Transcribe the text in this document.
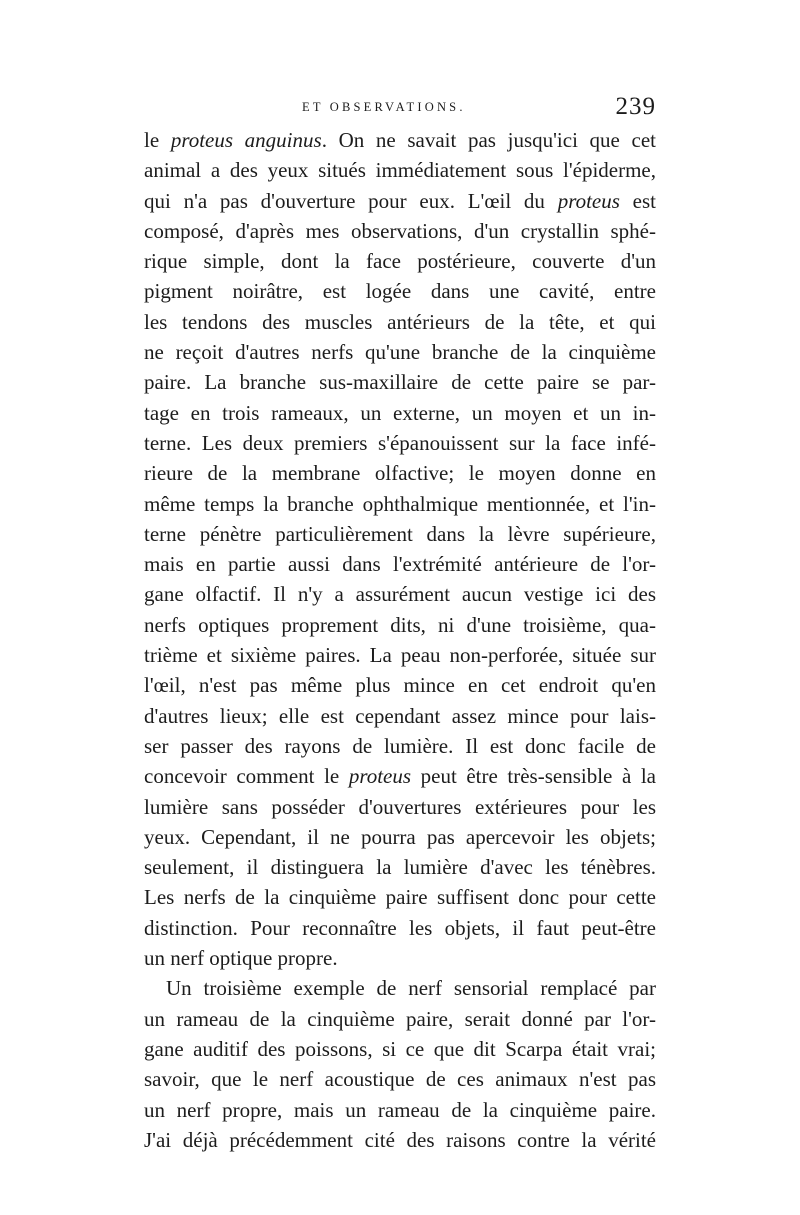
ET OBSERVATIONS.	239
le proteus anguinus. On ne savait pas jusqu'ici que cet
animal a des yeux situés immédiatement sous l'épiderme,
qui n'a pas d'ouverture pour eux. L'œil du proteus est
composé, d'après mes observations, d'un crystallin sphé-
rique simple, dont la face postérieure, couverte d'un
pigment noirâtre, est logée dans une cavité, entre
les tendons des muscles antérieurs de la tête, et qui
ne reçoit d'autres nerfs qu'une branche de la cinquième
paire. La branche sus-maxillaire de cette paire se par-
tage en trois rameaux, un externe, un moyen et un in-
terne. Les deux premiers s'épanouissent sur la face infé-
rieure de la membrane olfactive; le moyen donne en
même temps la branche ophthalmique mentionnée, et l'in-
terne pénètre particulièrement dans la lèvre supérieure,
mais en partie aussi dans l'extrémité antérieure de l'or-
gane olfactif. Il n'y a assurément aucun vestige ici des
nerfs optiques proprement dits, ni d'une troisième, qua-
trième et sixième paires. La peau non-perforée, située sur
l'œil, n'est pas même plus mince en cet endroit qu'en
d'autres lieux; elle est cependant assez mince pour lais-
ser passer des rayons de lumière. Il est donc facile de
concevoir comment le proteus peut être très-sensible à la
lumière sans posséder d'ouvertures extérieures pour les
yeux. Cependant, il ne pourra pas apercevoir les objets;
seulement, il distinguera la lumière d'avec les ténèbres.
Les nerfs de la cinquième paire suffisent donc pour cette
distinction. Pour reconnaître les objets, il faut peut-être
un nerf optique propre.
Un troisième exemple de nerf sensorial remplacé par
un rameau de la cinquième paire, serait donné par l'or-
gane auditif des poissons, si ce que dit Scarpa était vrai;
savoir, que le nerf acoustique de ces animaux n'est pas
un nerf propre, mais un rameau de la cinquième paire.
J'ai déjà précédemment cité des raisons contre la vérité
